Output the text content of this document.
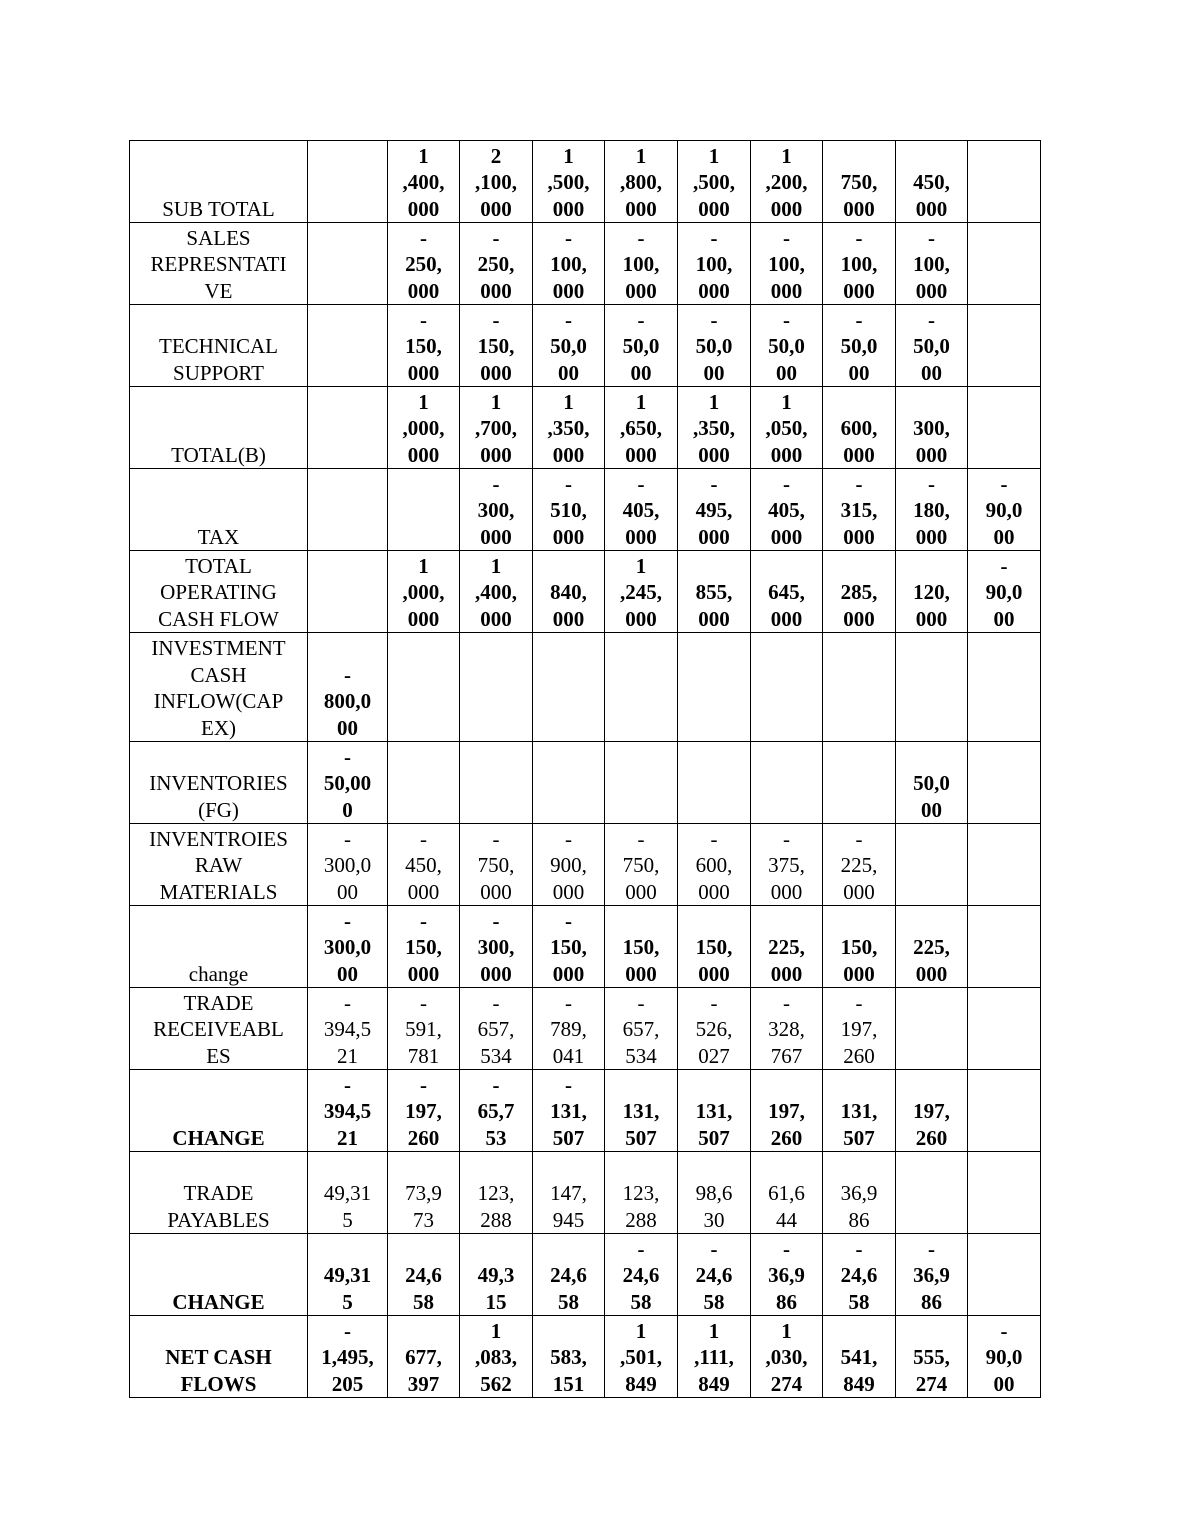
SUB TOTAL		1
,400,
000	2
,100,
000	1
,500,
000	1
,800,
000	1
,500,
000	1
,200,
000	750,
000	450,
000	

SALES
REPRESNTATI
VE		-
250,
000	-
250,
000	-
100,
000	-
100,
000	-
100,
000	-
100,
000	-
100,
000	-
100,
000	

TECHNICAL
SUPPORT		-
150,
000	-
150,
000	-
50,0
00	-
50,0
00	-
50,0
00	-
50,0
00	-
50,0
00	-
50,0
00	

TOTAL(B)		1
,000,
000	1
,700,
000	1
,350,
000	1
,650,
000	1
,350,
000	1
,050,
000	600,
000	300,
000	

TAX			-
300,
000	-
510,
000	-
405,
000	-
495,
000	-
405,
000	-
315,
000	-
180,
000	-
90,0
00

TOTAL
OPERATING
CASH FLOW		1
,000,
000	1
,400,
000	840,
000	1
,245,
000	855,
000	645,
000	285,
000	120,
000	-
90,0
00

INVESTMENT
CASH
INFLOW(CAP
EX)	-
800,0
00									

INVENTORIES
(FG)	-
50,00
0								50,0
00	

INVENTROIES
RAW
MATERIALS	-
300,0
00	-
450,
000	-
750,
000	-
900,
000	-
750,
000	-
600,
000	-
375,
000	-
225,
000		

change	-
300,0
00	-
150,
000	-
300,
000	-
150,
000	150,
000	150,
000	225,
000	150,
000	225,
000	

TRADE
RECEIVEABL
ES	-
394,5
21	-
591,
781	-
657,
534	-
789,
041	-
657,
534	-
526,
027	-
328,
767	-
197,
260		

CHANGE	-
394,5
21	-
197,
260	-
65,7
53	-
131,
507	131,
507	131,
507	197,
260	131,
507	197,
260	

TRADE
PAYABLES	49,31
5	73,9
73	123,
288	147,
945	123,
288	98,6
30	61,6
44	36,9
86		

CHANGE	49,31
5	24,6
58	49,3
15	24,6
58	-
24,6
58	-
24,6
58	-
36,9
86	-
24,6
58	-
36,9
86	

NET CASH
FLOWS	-
1,495,
205	677,
397	1
,083,
562	583,
151	1
,501,
849	1
,111,
849	1
,030,
274	541,
849	555,
274	-
90,0
00
